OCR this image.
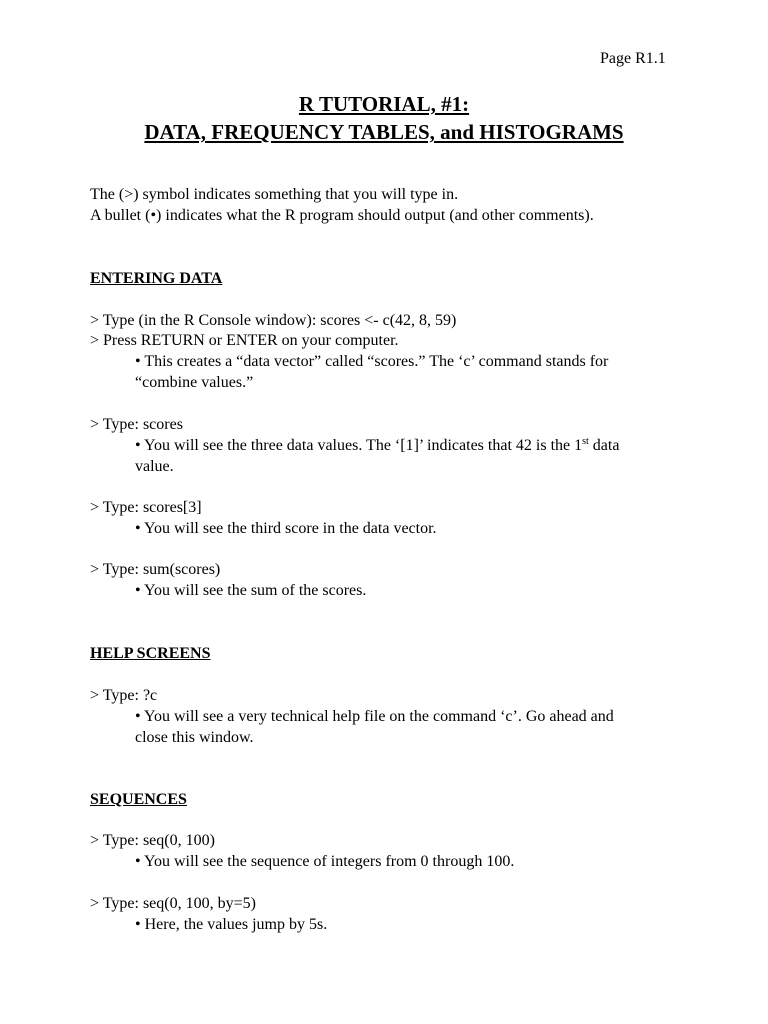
Page R1.1
R TUTORIAL, #1:
DATA, FREQUENCY TABLES, and HISTOGRAMS
The (>) symbol indicates something that you will type in.
A bullet (•) indicates what the R program should output (and other comments).
ENTERING DATA
> Type (in the R Console window): scores <- c(42, 8, 59)
> Press RETURN or ENTER on your computer.
• This creates a “data vector” called “scores.” The ‘c’ command stands for
“combine values.”
> Type: scores
• You will see the three data values. The ‘[1]’ indicates that 42 is the 1st data
value.
> Type: scores[3]
• You will see the third score in the data vector.
> Type: sum(scores)
• You will see the sum of the scores.
HELP SCREENS
> Type: ?c
• You will see a very technical help file on the command ‘c’. Go ahead and
close this window.
SEQUENCES
> Type: seq(0, 100)
• You will see the sequence of integers from 0 through 100.
> Type: seq(0, 100, by=5)
• Here, the values jump by 5s.
